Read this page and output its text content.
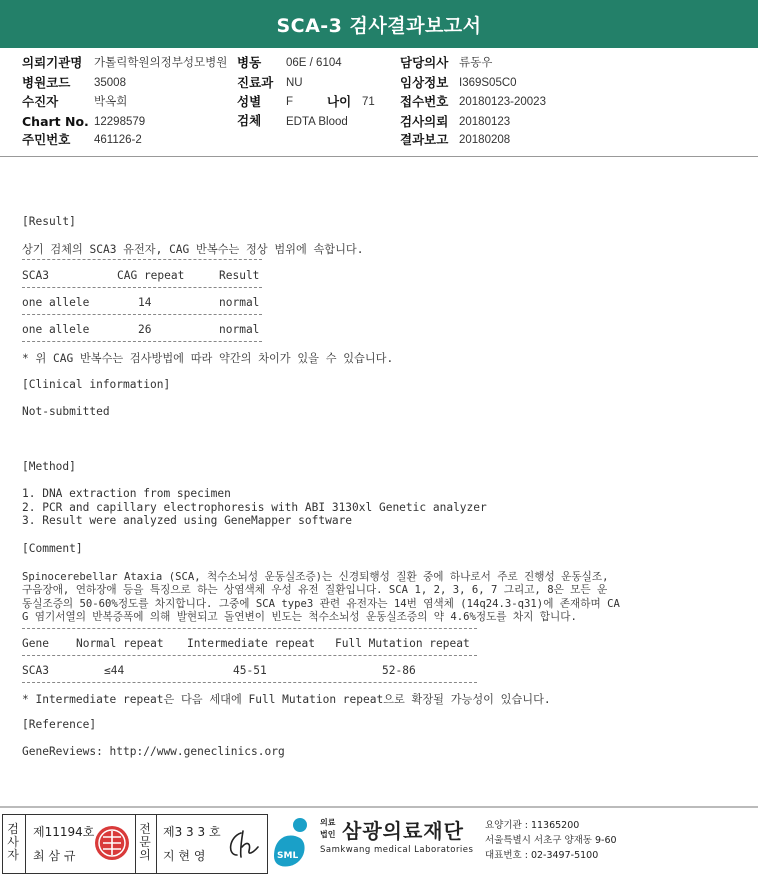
SCA-3 검사결과보고서
의뢰기관명 가톨릭학원의정부성모병원 병동 06E / 6104	담당의사 류동우
병원코드 35008	진료과 NU	임상정보 I369S05C0
수진자	박옥희	성별 F	나이 71 접수번호 20180123-20023
Chart No. 12298579	검체 EDTA Blood	검사의뢰 20180123
주민번호 461126-2	결과보고 20180208
[Result]
상기 검체의 SCA3 유전자, CAG 반복수는 정상 범위에 속합니다.
SCA3	CAG repeat	Result
one allele	14	normal
one allele	26	normal
* 위 CAG 반복수는 검사방법에 따라 약간의 차이가 있을 수 있습니다.
[Clinical information]
Not-submitted
[Method]
1. DNA extraction from specimen
2. PCR and capillary electrophoresis with ABI 3130xl Genetic analyzer
3. Result were analyzed using GeneMapper software
[Comment]
Spinocerebellar Ataxia (SCA, 척수소뇌성 운동실조증)는 신경퇴행성 질환 중에 하나로서 주로 진행성 운동실조,
구음장애, 연하장애 등을 특징으로 하는 상염색체 우성 유전 질환입니다. SCA 1, 2, 3, 6, 7 그리고, 8은 모든 운
동실조증의 50-60%정도를 차지합니다. 그중에 SCA type3 관련 유전자는 14번 염색체 (14q24.3-q31)에 존재하며 CA
G 염기서열의 반복증폭에 의해 발현되고 돌연변이 빈도는 척수소뇌성 운동실조증의 약 4.6%정도를 차지 합니다.
Gene Normal repeat Intermediate repeat Full Mutation repeat
SCA3	≤44	45-51	52-86
* Intermediate repeat은 다음 세대에 Full Mutation repeat으로 확장될 가능성이 있습니다.
[Reference]
GeneReviews: http://www.geneclinics.org
검사자
제11194호
최 삼 규
전문의
제3 3 3 호
지 현 영	SML
의료
법인 삼광의료재단
Samkwang medical Laboratories
요양기관 : 11365200
서울특별시 서초구 양재동 9-60
대표번호 : 02-3497-5100
